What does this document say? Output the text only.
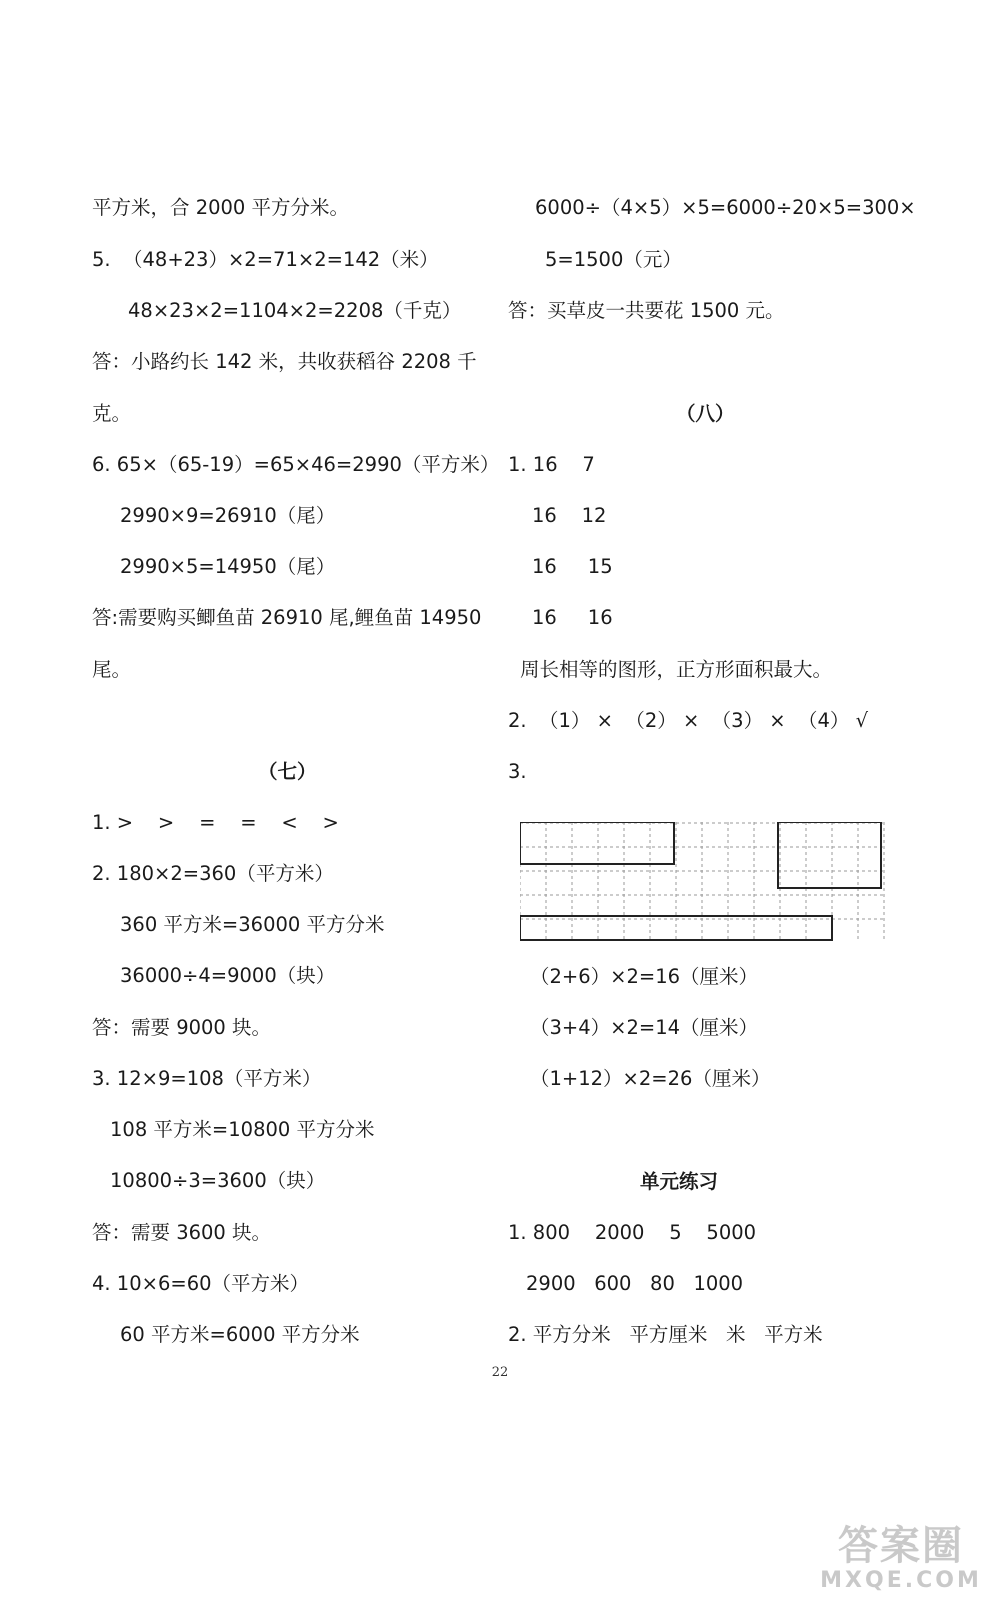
平方米，合 2000 平方分米。
5.  （48+23）×2=71×2=142（米）
48×23×2=1104×2=2208（千克）
答：小路约长 142 米，共收获稻谷 2208 千
克。
6. 65×（65-19）=65×46=2990（平方米）
2990×9=26910（尾）
2990×5=14950（尾）
答:需要购买鲫鱼苗 26910 尾,鲤鱼苗 14950
尾。
（七）
1. >    >    =    =    <    >
2. 180×2=360（平方米）
360 平方米=36000 平方分米
36000÷4=9000（块）
答：需要 9000 块。
3. 12×9=108（平方米）
108 平方米=10800 平方分米
10800÷3=3600（块）
答：需要 3600 块。
4. 10×6=60（平方米）
60 平方米=6000 平方分米
6000÷（4×5）×5=6000÷20×5=300×
5=1500（元）
答：买草皮一共要花 1500 元。
（八）
1. 16    7
16    12
16     15
16     16
周长相等的图形，正方形面积最大。
2.  （1） ×  （2） ×  （3） ×  （4） √
3.
（2+6）×2=16（厘米）
（3+4）×2=14（厘米）
（1+12）×2=26（厘米）
单元练习
1. 800    2000    5    5000
2900   600   80   1000
2. 平方分米   平方厘米   米   平方米
22
答案圈
MXQE.COM
